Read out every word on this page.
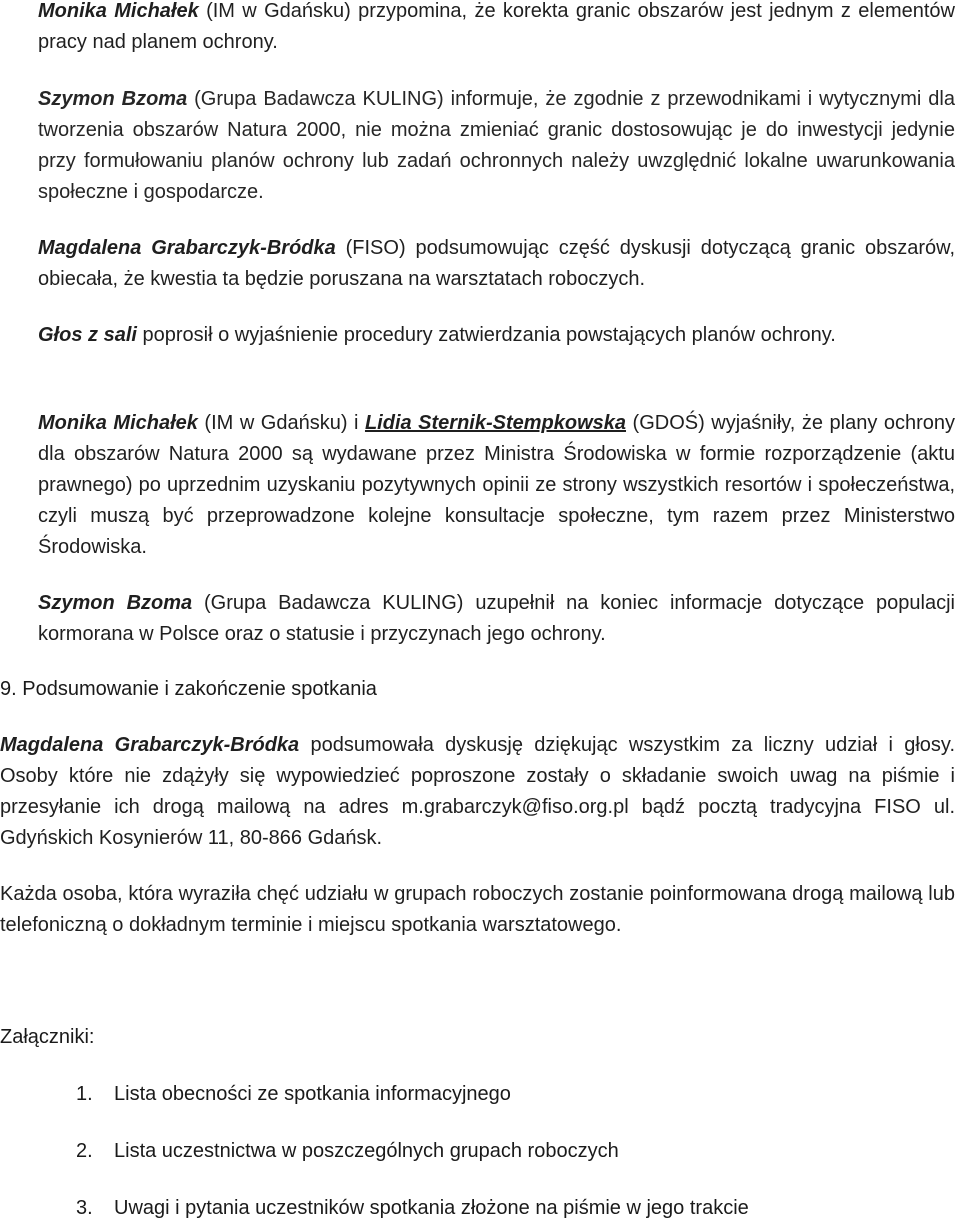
Monika Michałek (IM w Gdańsku) przypomina, że korekta granic obszarów jest jednym z elementów pracy nad planem ochrony.

Szymon Bzoma (Grupa Badawcza KULING) informuje, że zgodnie z przewodnikami i wytycznymi dla tworzenia obszarów Natura 2000, nie można zmieniać granic dostosowując je do inwestycji jedynie przy formułowaniu planów ochrony lub zadań ochronnych należy uwzględnić lokalne uwarunkowania społeczne i gospodarcze.

Magdalena Grabarczyk-Bródka (FISO) podsumowując część dyskusji dotyczącą granic obszarów, obiecała, że kwestia ta będzie poruszana na warsztatach roboczych.

Głos z sali poprosił o wyjaśnienie procedury zatwierdzania powstających planów ochrony.

Monika Michałek (IM w Gdańsku) i Lidia Sternik-Stempkowska (GDOŚ) wyjaśniły, że plany ochrony dla obszarów Natura 2000 są wydawane przez Ministra Środowiska w formie rozporządzenie (aktu prawnego) po uprzednim uzyskaniu pozytywnych opinii ze strony wszystkich resortów i społeczeństwa, czyli muszą być przeprowadzone kolejne konsultacje społeczne, tym razem przez Ministerstwo Środowiska.

Szymon Bzoma (Grupa Badawcza KULING) uzupełnił na koniec informacje dotyczące populacji kormorana w Polsce oraz o statusie i przyczynach jego ochrony.

9. Podsumowanie i zakończenie spotkania

Magdalena Grabarczyk-Bródka podsumowała dyskusję dziękując wszystkim za liczny udział i głosy. Osoby które nie zdążyły się wypowiedzieć poproszone zostały o składanie swoich uwag na piśmie i przesyłanie ich drogą mailową na adres m.grabarczyk@fiso.org.pl bądź pocztą tradycyjna FISO ul. Gdyńskich Kosynierów 11, 80-866 Gdańsk.

Każda osoba, która wyraziła chęć udziału w grupach roboczych zostanie poinformowana drogą mailową lub telefoniczną o dokładnym terminie i miejscu spotkania warsztatowego.

Załączniki:

1. Lista obecności ze spotkania informacyjnego
2. Lista uczestnictwa w poszczególnych grupach roboczych
3. Uwagi i pytania uczestników spotkania złożone na piśmie w jego trakcie
